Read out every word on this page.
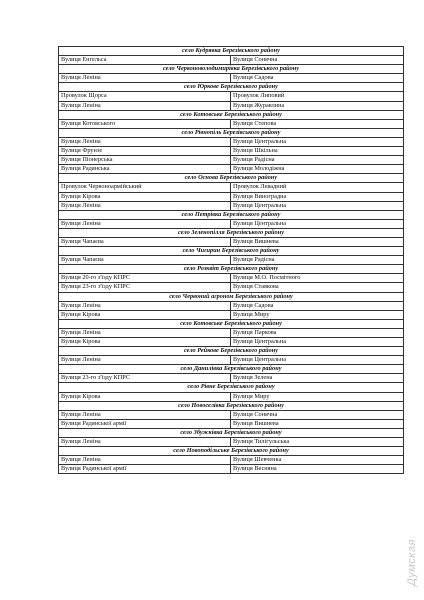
село Кудрявка Березівського району	
Вулиця Енгельса	Вулиця Сонячна
село Червоноволодимирівка Березівського району	
Вулиця Леніна	Вулиця Садова
село Юркове Березівського району	
Провулок Щорса	Провулок Липовий
Вулиця Леніна	Вулиця Журавлина
село Котовське Березівського району	
Вулиця Котовського	Вулиця Степова
село Рівнопіль Березівського району	
Вулиця Леніна	Вулиця Центральна
Вулиця Фрунзе	Вулиця Шкільна
Вулиця Піонерська	Вулиця Радісна
Вулиця Радянська	Вулиця Молодіжна
село Основа Березівського району	
Провулок Червоноармійський	Провулок Левадний
Вулиця Кірова	Вулиця Виноградна
Вулиця Леніна	Вулиця Центральна
село Петрівка Березівського району	
Вулиця Леніна	Вулиця Центральна
село Зеленопілля Березівського району	
Вулиця Чапаєва	Вулиця Вишнева
село Чигирин Березівського району	
Вулиця Чапаєва	Вулиця Радісна
село Розквіт Березівського району	
Вулиця 20-го з'їзду КПРС	Вулиця М.О. Посмітного
Вулиця 23-го з'їзду КПРС	Вулиця Ставкова
село Червоний агроном Березівського району	
Вулиця Леніна	Вулиця Садова
Вулиця Кірова	Вулиця Миру
село Котовське Березівського району	
Вулиця Леніна	Вулиця Паркова
Вулиця Кірова	Вулиця Центральна
село Рейкове Березівського району	
Вулиця Леніна	Вулиця Центральна
село Данилівка Березівського району	
Вулиця 23-го з'їзду КПРС	Вулиця Зелена
село Рівне Березівського району	
Вулиця Кірова	Вулиця Миру
село Новоселівка Березівського району	
Вулиця Леніна	Вулиця Сонячна
Вулиця Радянської армії	Вулиця Вишнева
село Збужківка Березівського району	
Вулиця Леніна	Вулиця Тилігульська
село Новоподільське Березівського району	
Вулиця Леніна	Вулиця Шевченка
Вулиця Радянської армії	Вулиця Весняна
Думская
